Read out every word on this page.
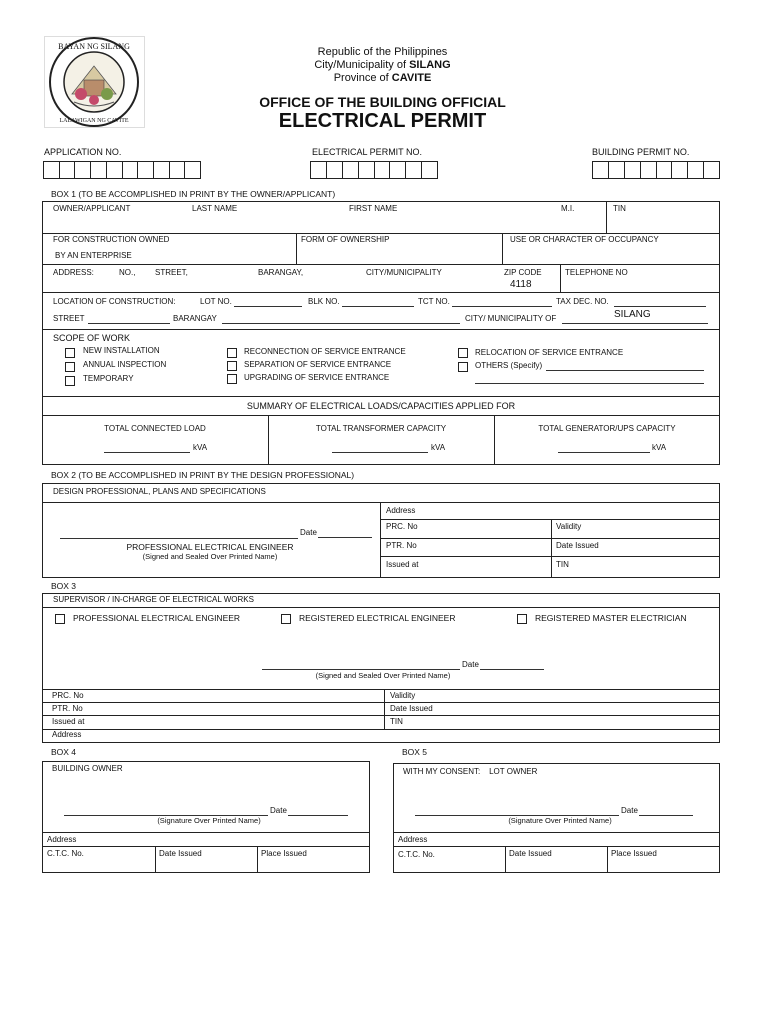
BAYAN NG SILANG
LALAWIGAN NG CAVITE
Republic of the Philippines
City/Municipality of SILANG
Province of CAVITE
OFFICE OF THE BUILDING OFFICIAL
ELECTRICAL PERMIT
APPLICATION NO.	ELECTRICAL PERMIT NO.	BUILDING PERMIT NO.
BOX 1 (TO BE ACCOMPLISHED IN PRINT BY THE OWNER/APPLICANT)
OWNER/APPLICANT	LAST NAME	FIRST NAME	M.I.	TIN
FOR CONSTRUCTION OWNED
BY AN ENTERPRISE
FORM OF OWNERSHIP	USE OR CHARACTER OF OCCUPANCY
ADDRESS:	NO., STREET,	BARANGAY,	CITY/MUNICIPALITY	ZIP CODE
4118
TELEPHONE NO
LOCATION OF CONSTRUCTION:	LOT NO.	BLK NO.	TCT NO.	TAX DEC. NO.
STREET	BARANGAY	CITY/ MUNICIPALITY OF	SILANG
SCOPE OF WORK
NEW INSTALLATION
ANNUAL INSPECTION
TEMPORARY
RECONNECTION OF SERVICE ENTRANCE
SEPARATION OF SERVICE ENTRANCE
UPGRADING OF SERVICE ENTRANCE
RELOCATION OF SERVICE ENTRANCE
OTHERS (Specify)
SUMMARY OF ELECTRICAL LOADS/CAPACITIES APPLIED FOR
TOTAL CONNECTED LOAD	TOTAL TRANSFORMER CAPACITY	TOTAL GENERATOR/UPS CAPACITY
kVA	kVA	kVA
BOX 2 (TO BE ACCOMPLISHED IN PRINT BY THE DESIGN PROFESSIONAL)
DESIGN PROFESSIONAL, PLANS AND SPECIFICATIONS
Date
PROFESSIONAL ELECTRICAL ENGINEER
(Signed and Sealed Over Printed Name)
Address
PRC. No	Validity
PTR. No	Date Issued
Issued at	TIN
BOX 3
SUPERVISOR / IN-CHARGE OF ELECTRICAL WORKS
PROFESSIONAL ELECTRICAL ENGINEER	REGISTERED ELECTRICAL ENGINEER	REGISTERED MASTER ELECTRICIAN
Date
(Signed and Sealed Over Printed Name)
PRC. No	Validity
PTR. No	Date Issued
Issued at	TIN
Address
BOX 4
BUILDING OWNER
Date
(Signature Over Printed Name)
Address
C.T.C. No.	Date Issued	Place Issued
BOX 5
WITH MY CONSENT:    LOT OWNER
Date
(Signature Over Printed Name)
Address
C.T.C. No.	Date Issued	Place Issued
